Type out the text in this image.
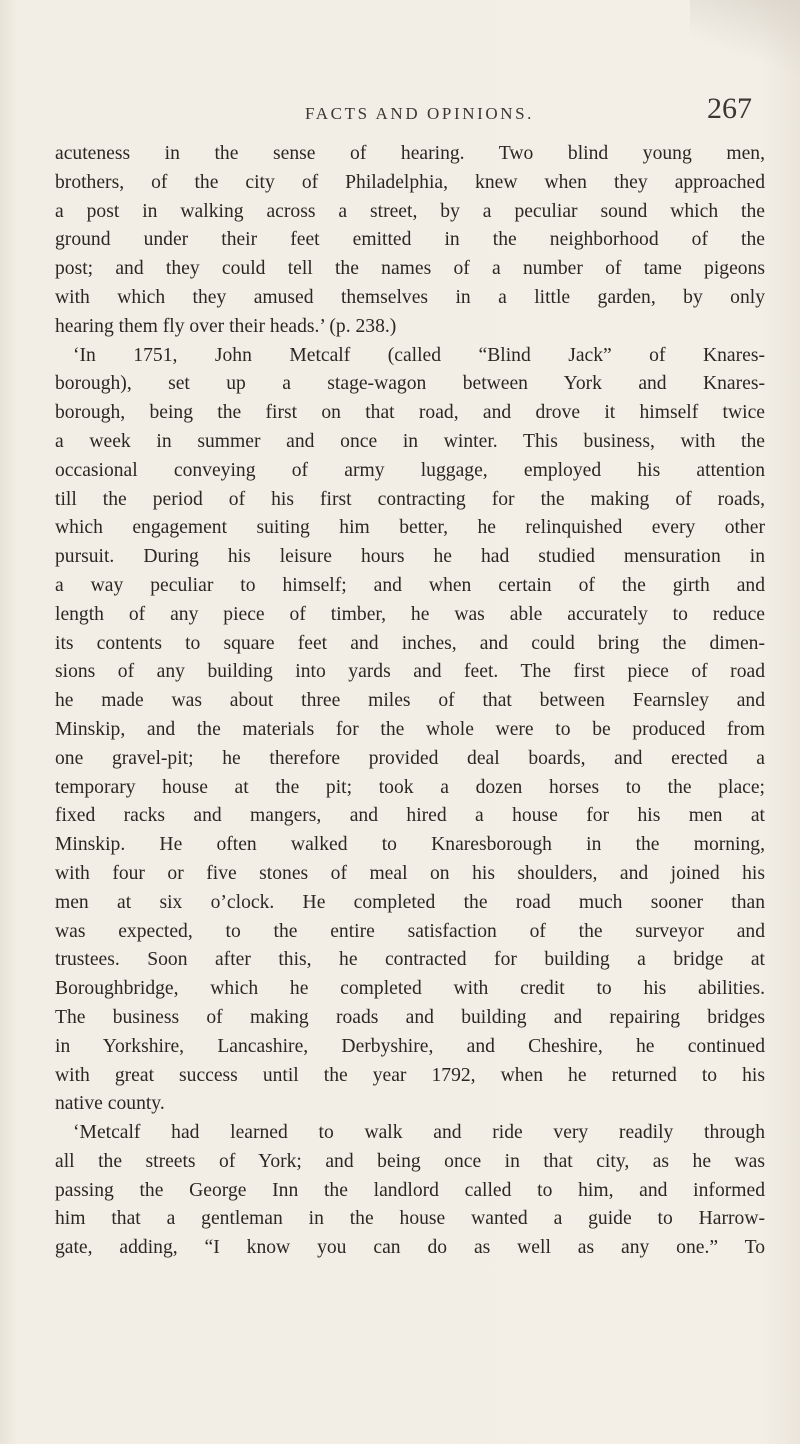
FACTS AND OPINIONS.	267
acuteness in the sense of hearing. Two blind young men,
brothers, of the city of Philadelphia, knew when they approached
a post in walking across a street, by a peculiar sound which the
ground under their feet emitted in the neighborhood of the
post; and they could tell the names of a number of tame pigeons
with which they amused themselves in a little garden, by only
hearing them fly over their heads.’ (p. 238.)
‘In 1751, John Metcalf (called “Blind Jack” of Knares-
borough), set up a stage-wagon between York and Knares-
borough, being the first on that road, and drove it himself twice
a week in summer and once in winter. This business, with the
occasional conveying of army luggage, employed his attention
till the period of his first contracting for the making of roads,
which engagement suiting him better, he relinquished every other
pursuit. During his leisure hours he had studied mensuration in
a way peculiar to himself; and when certain of the girth and
length of any piece of timber, he was able accurately to reduce
its contents to square feet and inches, and could bring the dimen-
sions of any building into yards and feet. The first piece of road
he made was about three miles of that between Fearnsley and
Minskip, and the materials for the whole were to be produced from
one gravel-pit; he therefore provided deal boards, and erected a
temporary house at the pit; took a dozen horses to the place;
fixed racks and mangers, and hired a house for his men at
Minskip. He often walked to Knaresborough in the morning,
with four or five stones of meal on his shoulders, and joined his
men at six o’clock. He completed the road much sooner than
was expected, to the entire satisfaction of the surveyor and
trustees. Soon after this, he contracted for building a bridge at
Boroughbridge, which he completed with credit to his abilities.
The business of making roads and building and repairing bridges
in Yorkshire, Lancashire, Derbyshire, and Cheshire, he continued
with great success until the year 1792, when he returned to his
native county.
‘Metcalf had learned to walk and ride very readily through
all the streets of York; and being once in that city, as he was
passing the George Inn the landlord called to him, and informed
him that a gentleman in the house wanted a guide to Harrow-
gate, adding, “I know you can do as well as any one.” To
